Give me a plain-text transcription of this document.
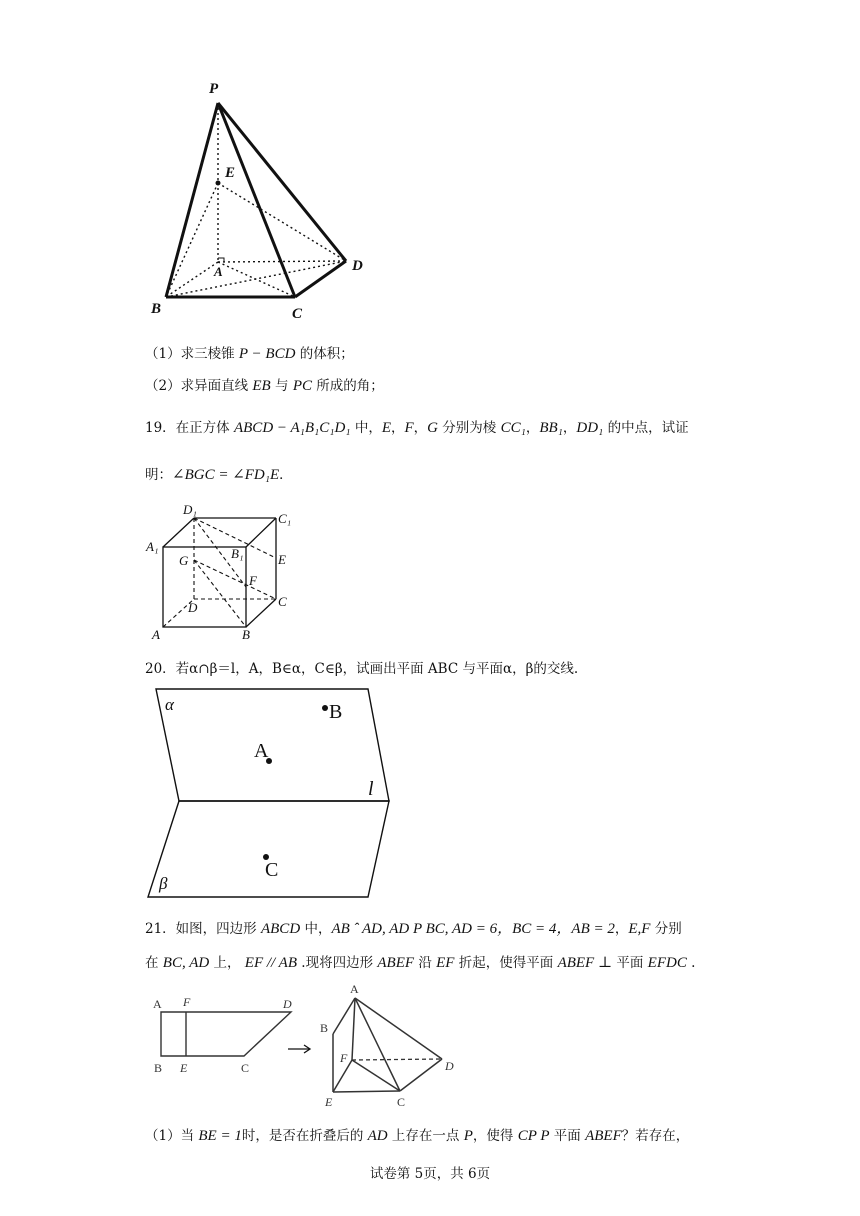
P
E
A
B	C
D
（1）求三棱锥 P − BCD 的体积；
（2）求异面直线 EB 与 PC 所成的角；
19．在正方体 ABCD − A₁B₁C₁D₁ 中，E，F，G 分别为棱 CC₁，BB₁，DD₁ 的中点，试证
明：∠BGC = ∠FD₁E．
D₁
C₁
A₁	B₁
G	E
F
D	C
A	B
20．若α∩β＝l，A，B∈α，C∈β，试画出平面 ABC 与平面α，β的交线.
α
β
l
B
A
C
21．如图，四边形 ABCD 中，AB ˆ AD, AD P BC, AD = 6，BC = 4，AB = 2，E,F 分别
在 BC, AD 上， EF // AB .现将四边形 ABEF 沿 EF 折起，使得平面 ABEF ⊥ 平面 EFDC .
A F	D
B E	C
A
B
F
D
E	C
（1）当 BE = 1时，是否在折叠后的 AD 上存在一点 P，使得 CP P 平面 ABEF？若存在，
试卷第 5页，共 6页
